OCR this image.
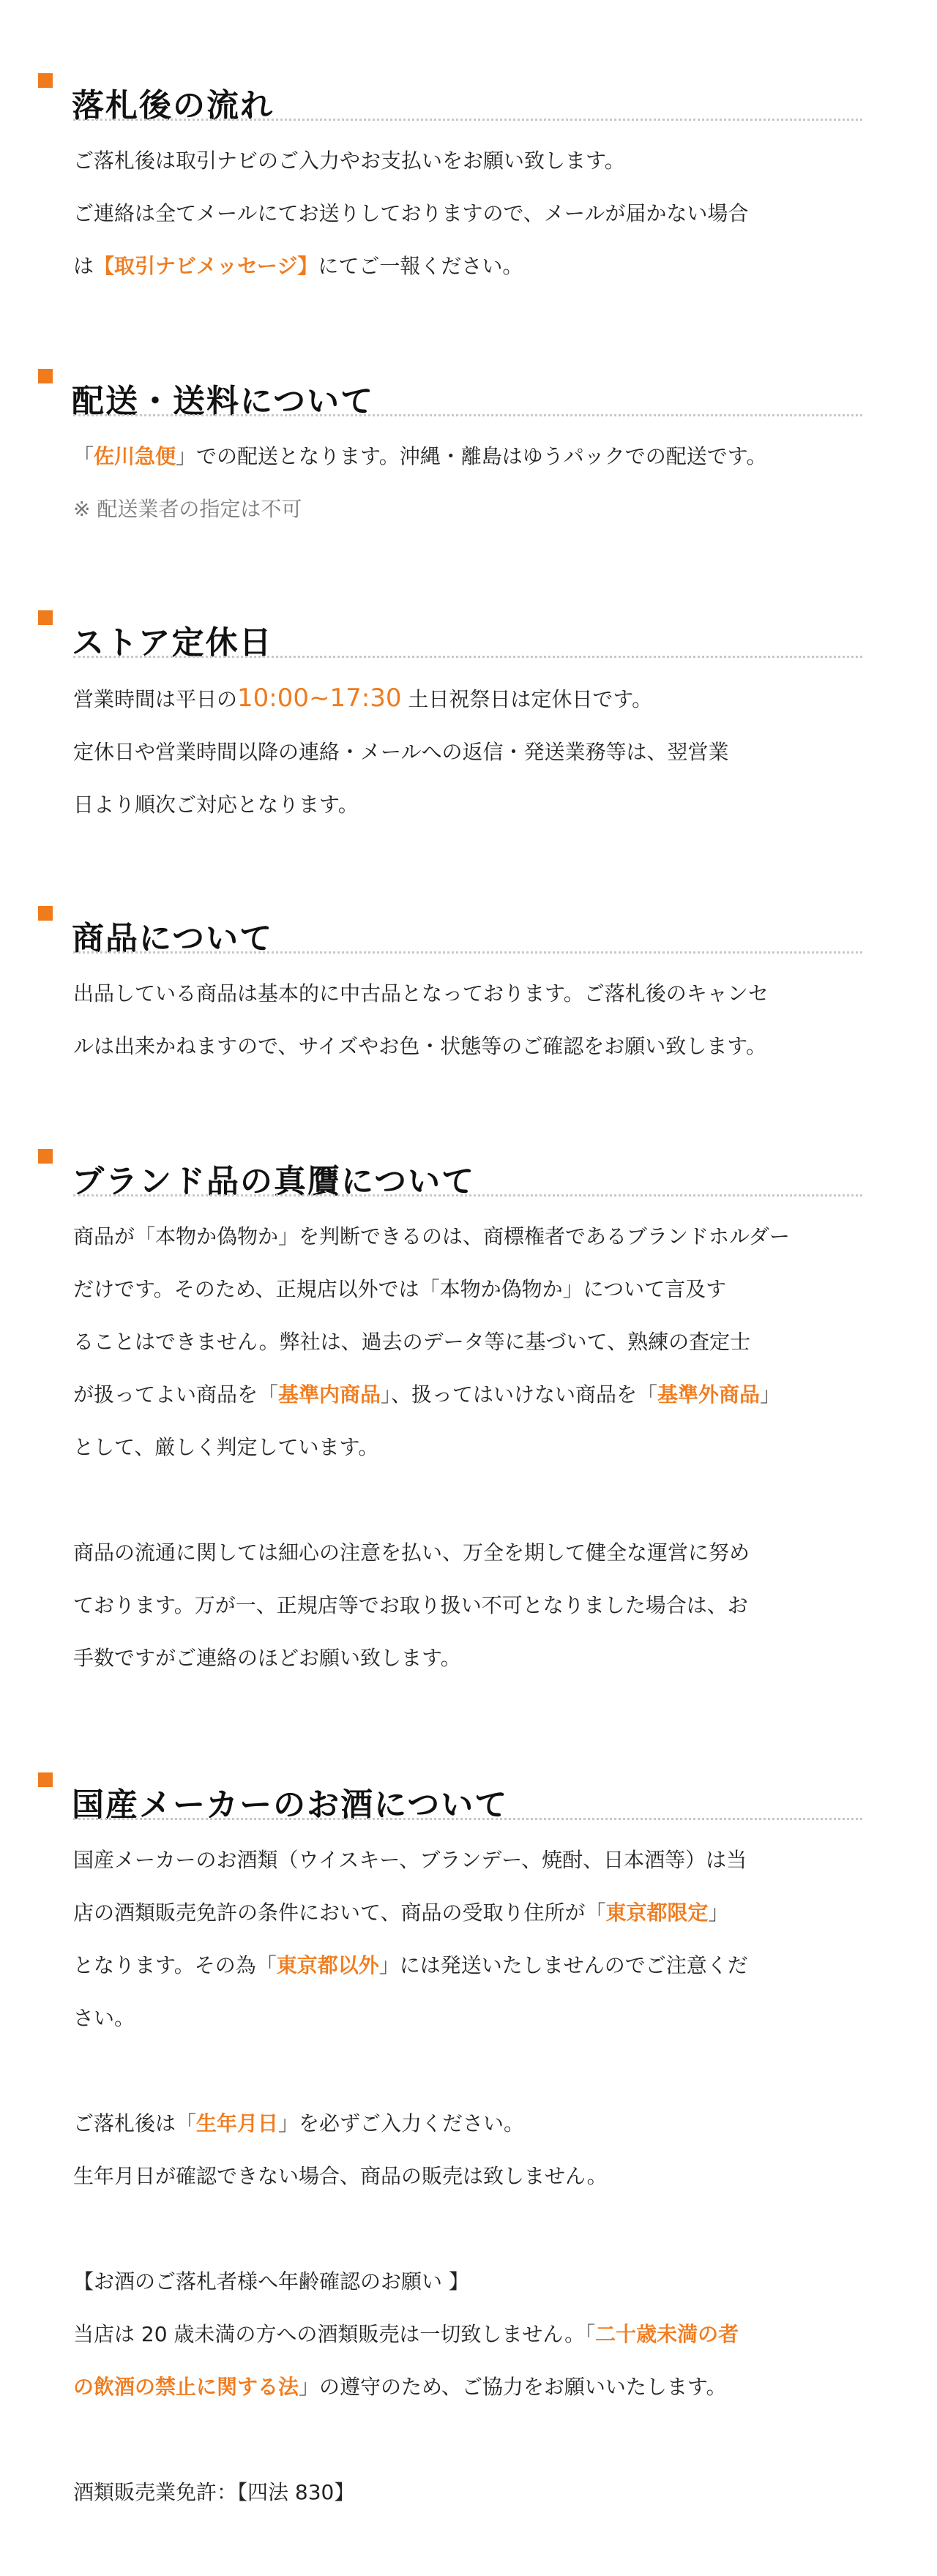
落札後の流れ

ご落札後は取引ナビのご入力やお支払いをお願い致します。

ご連絡は全てメールにてお送りしておりますので、メールが届かない場合

は【取引ナビメッセージ】にてご一報ください。

配送・送料について

「佐川急便」での配送となります。沖縄・離島はゆうパックでの配送です。

※ 配送業者の指定は不可

ストア定休日

営業時間は平日の10:00~17:30 土日祝祭日は定休日です。

定休日や営業時間以降の連絡・メールへの返信・発送業務等は、翌営業

日より順次ご対応となります。

商品について

出品している商品は基本的に中古品となっております。ご落札後のキャンセ

ルは出来かねますので、サイズやお色・状態等のご確認をお願い致します。

ブランド品の真贋について

商品が「本物か偽物か」を判断できるのは、商標権者であるブランドホルダー

だけです。そのため、正規店以外では「本物か偽物か」について言及す

ることはできません。弊社は、過去のデータ等に基づいて、熟練の査定士

が扱ってよい商品を「基準内商品」、扱ってはいけない商品を「基準外商品」

として、厳しく判定しています。

商品の流通に関しては細心の注意を払い、万全を期して健全な運営に努め

ております。万が一、正規店等でお取り扱い不可となりました場合は、お

手数ですがご連絡のほどお願い致します。

国産メーカーのお酒について

国産メーカーのお酒類（ウイスキー、ブランデー、焼酎、日本酒等）は当

店の酒類販売免許の条件において、商品の受取り住所が「東京都限定」

となります。その為「東京都以外」には発送いたしませんのでご注意くだ

さい。

ご落札後は「生年月日」を必ずご入力ください。

生年月日が確認できない場合、商品の販売は致しません。

【お酒のご落札者様へ年齢確認のお願い 】

当店は 20 歳未満の方への酒類販売は一切致しません。「二十歳未満の者

の飲酒の禁止に関する法」の遵守のため、ご協力をお願いいたします。

酒類販売業免許：【四法 830】
